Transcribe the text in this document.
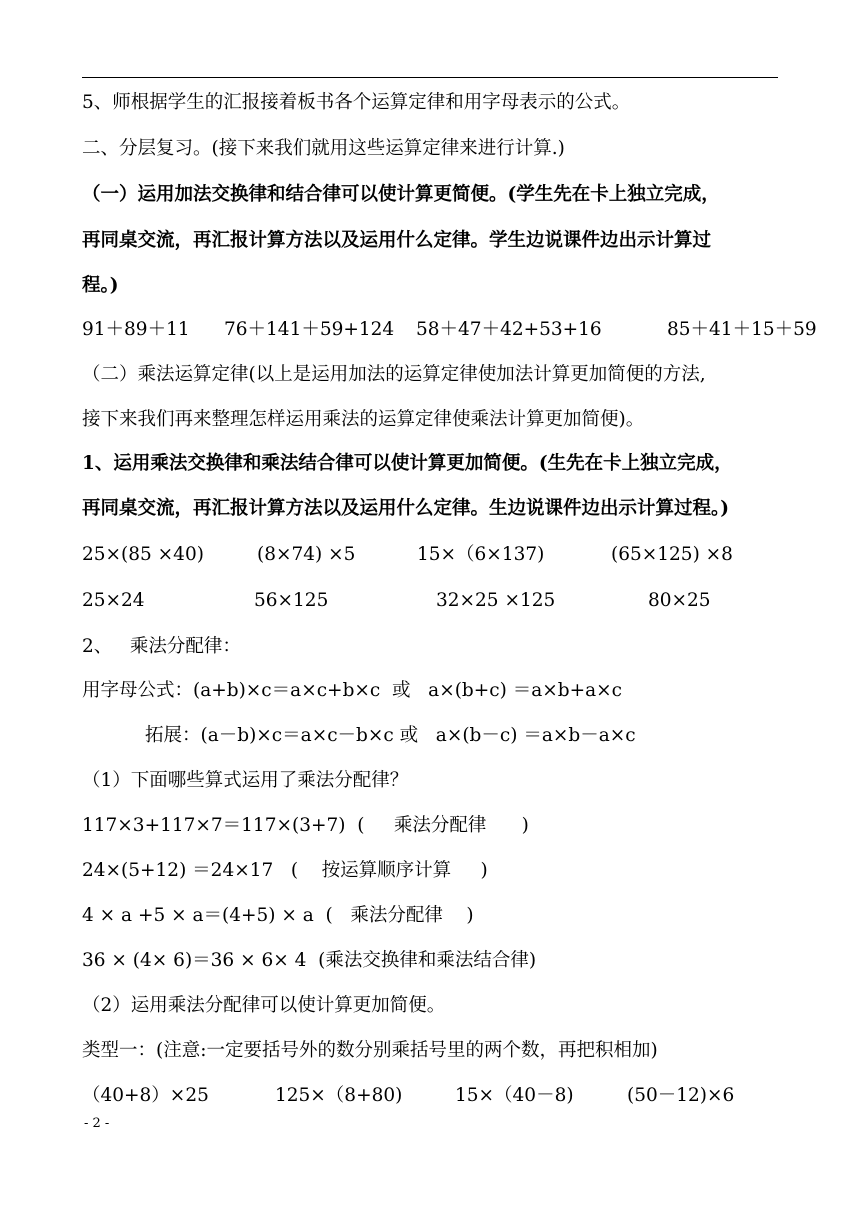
5、师根据学生的汇报接着板书各个运算定律和用字母表示的公式。
二、分层复习。(接下来我们就用这些运算定律来进行计算.)
（一）运用加法交换律和结合律可以使计算更简便。(学生先在卡上独立完成，
再同桌交流，再汇报计算方法以及运用什么定律。学生边说课件边出示计算过
程。)
91＋89＋11	76＋141＋59+124	58＋47＋42+53+16	85＋41＋15＋59
（二）乘法运算定律(以上是运用加法的运算定律使加法计算更加简便的方法,
接下来我们再来整理怎样运用乘法的运算定律使乘法计算更加简便)。
1、运用乘法交换律和乘法结合律可以使计算更加简便。(生先在卡上独立完成，
再同桌交流，再汇报计算方法以及运用什么定律。生边说课件边出示计算过程。)
25×(85 ×40)	(8×74) ×5	15×（6×137)	(65×125) ×8
25×24	56×125	32×25 ×125	80×25
2、   乘法分配律：
用字母公式：(a+b)×c＝a×c+b×c  或   a×(b+c) ＝a×b+a×c
拓展：(a－b)×c＝a×c－b×c 或   a×(b－c) ＝a×b－a×c
（1）下面哪些算式运用了乘法分配律？
117×3+117×7＝117×(3+7)  (     乘法分配律      )
24×(5+12) ＝24×17   (    按运算顺序计算     )
4 × a +5 × a＝(4+5) × a  (   乘法分配律    )
36 × (4× 6)＝36 × 6× 4  (乘法交换律和乘法结合律)
（2）运用乘法分配律可以使计算更加简便。
类型一：(注意:一定要括号外的数分别乘括号里的两个数，再把积相加)
（40+8）×25	125×（8+80)	15×（40－8)	(50－12)×6
- 2 -
